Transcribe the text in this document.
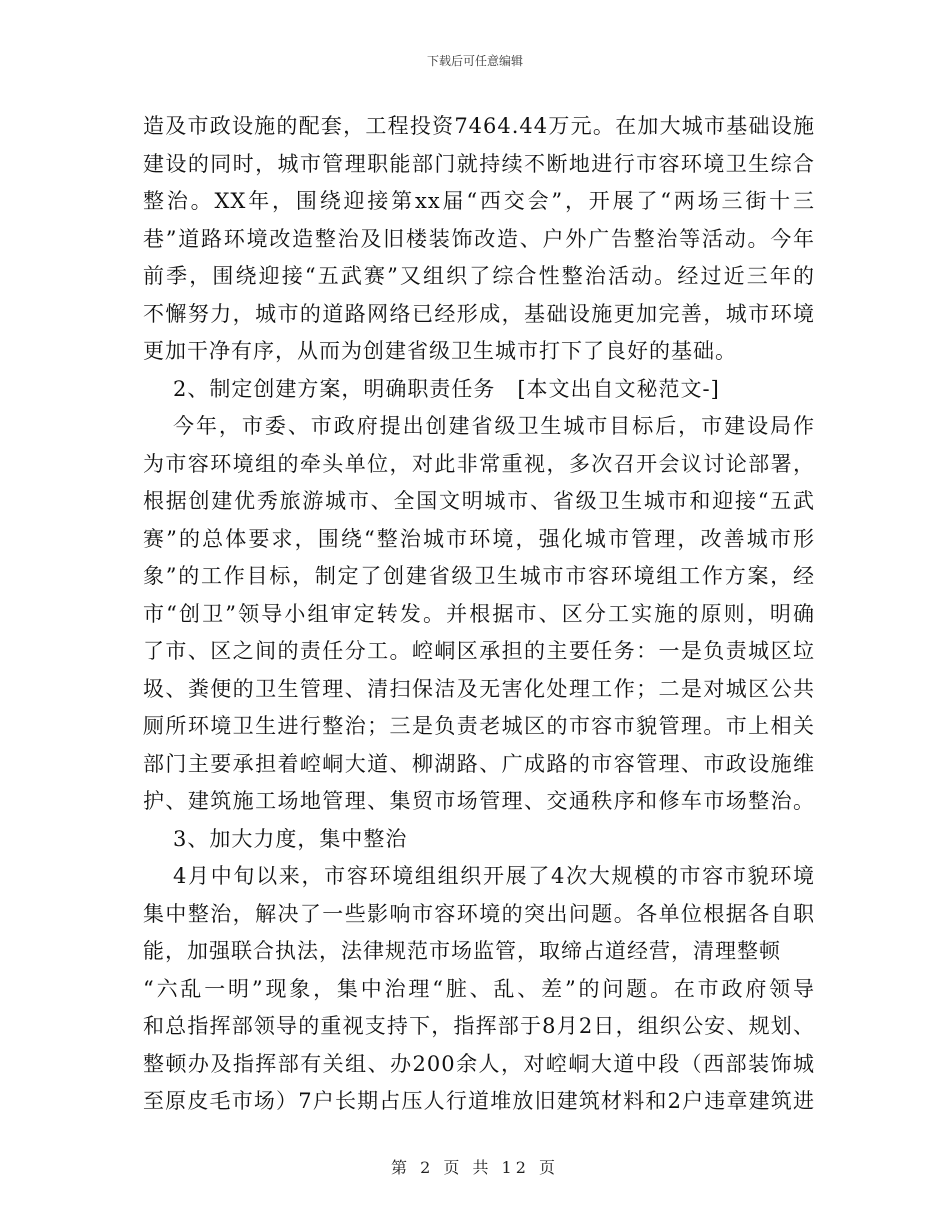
下载后可任意编辑
造及市政设施的配套，工程投资7464.44万元。在加大城市基础设施
建设的同时，城市管理职能部门就持续不断地进行市容环境卫生综合
整治。XX年，围绕迎接第xx届“西交会”，开展了“两场三街十三
巷”道路环境改造整治及旧楼装饰改造、户外广告整治等活动。今年
前季，围绕迎接“五武赛”又组织了综合性整治活动。经过近三年的
不懈努力，城市的道路网络已经形成，基础设施更加完善，城市环境
更加干净有序，从而为创建省级卫生城市打下了良好的基础。
2、制定创建方案，明确职责任务　[本文出自文秘范文-]
今年，市委、市政府提出创建省级卫生城市目标后，市建设局作
为市容环境组的牵头单位，对此非常重视，多次召开会议讨论部署，
根据创建优秀旅游城市、全国文明城市、省级卫生城市和迎接“五武
赛”的总体要求，围绕“整治城市环境，强化城市管理，改善城市形
象”的工作目标，制定了创建省级卫生城市市容环境组工作方案，经
市“创卫”领导小组审定转发。并根据市、区分工实施的原则，明确
了市、区之间的责任分工。崆峒区承担的主要任务：一是负责城区垃
圾、粪便的卫生管理、清扫保洁及无害化处理工作；二是对城区公共
厕所环境卫生进行整治；三是负责老城区的市容市貌管理。市上相关
部门主要承担着崆峒大道、柳湖路、广成路的市容管理、市政设施维
护、建筑施工场地管理、集贸市场管理、交通秩序和修车市场整治。
3、加大力度，集中整治
4月中旬以来，市容环境组组织开展了4次大规模的市容市貌环境
集中整治，解决了一些影响市容环境的突出问题。各单位根据各自职
能，加强联合执法，法律规范市场监管，取缔占道经营，清理整顿
“六乱一明”现象，集中治理“脏、乱、差”的问题。在市政府领导
和总指挥部领导的重视支持下，指挥部于8月2日，组织公安、规划、
整顿办及指挥部有关组、办200余人，对崆峒大道中段（西部装饰城
至原皮毛市场）7户长期占压人行道堆放旧建筑材料和2户违章建筑进
第 2 页 共 12 页
